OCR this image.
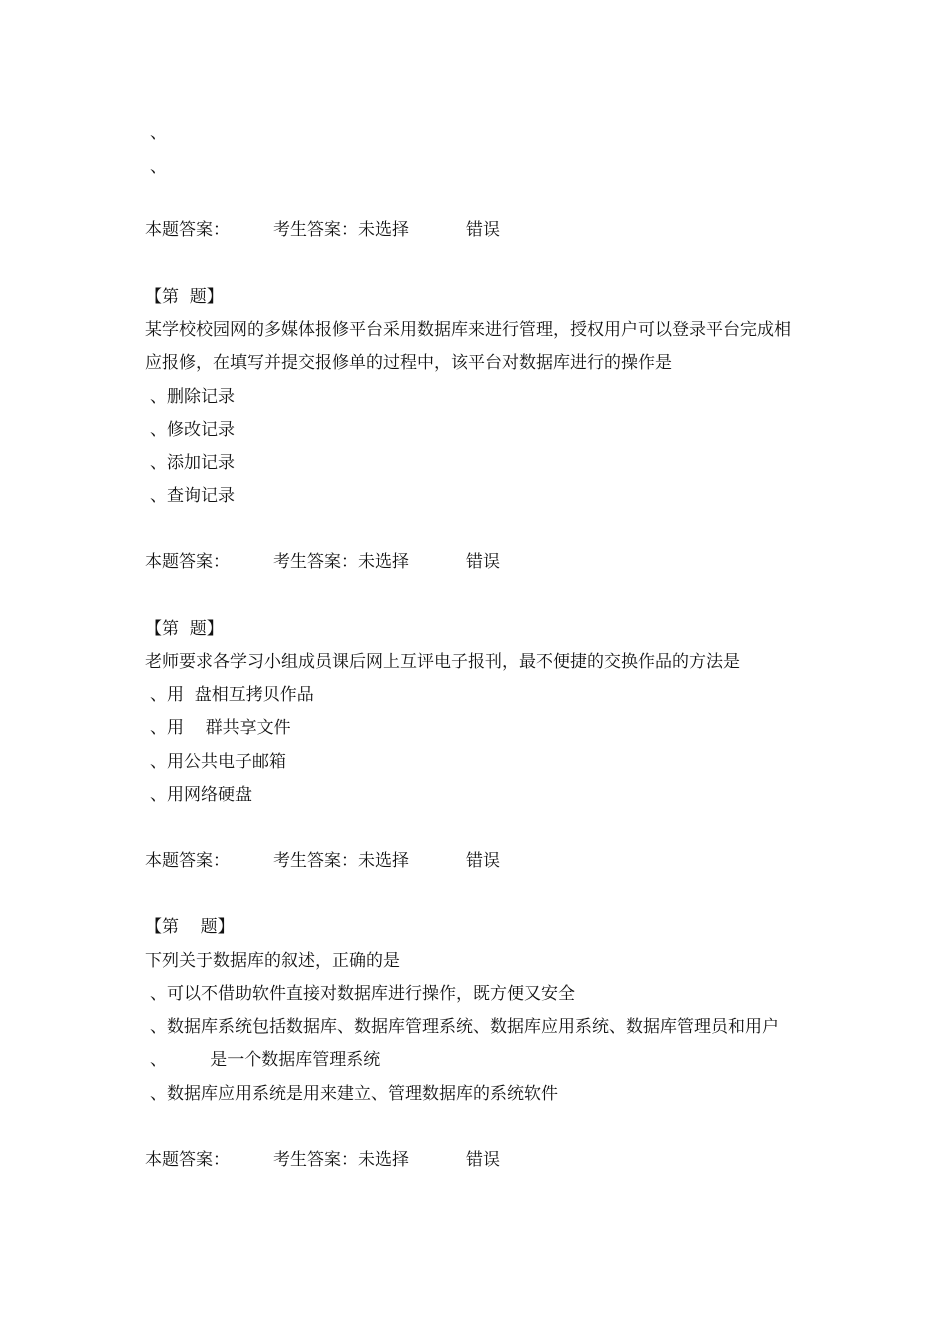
、
、

本题答案：

	考生答案：未选择

	错误

【第  题】
某学校校园网的多媒体报修平台采用数据库来进行管理，授权用户可以登录平台完成相
应报修，在填写并提交报修单的过程中，该平台对数据库进行的操作是
、删除记录
、修改记录
、添加记录
、查询记录

本题答案：

	考生答案：未选择

	错误

【第  题】
老师要求各学习小组成员课后网上互评电子报刊，最不便捷的交换作品的方法是
、用  盘相互拷贝作品
、用    群共享文件
、用公共电子邮箱
、用网络硬盘

本题答案：

	考生答案：未选择

	错误

【第    题】
下列关于数据库的叙述，正确的是
、可以不借助软件直接对数据库进行操作，既方便又安全
、数据库系统包括数据库、数据库管理系统、数据库应用系统、数据库管理员和用户
、        是一个数据库管理系统
、数据库应用系统是用来建立、管理数据库的系统软件

本题答案：

	考生答案：未选择

	错误
